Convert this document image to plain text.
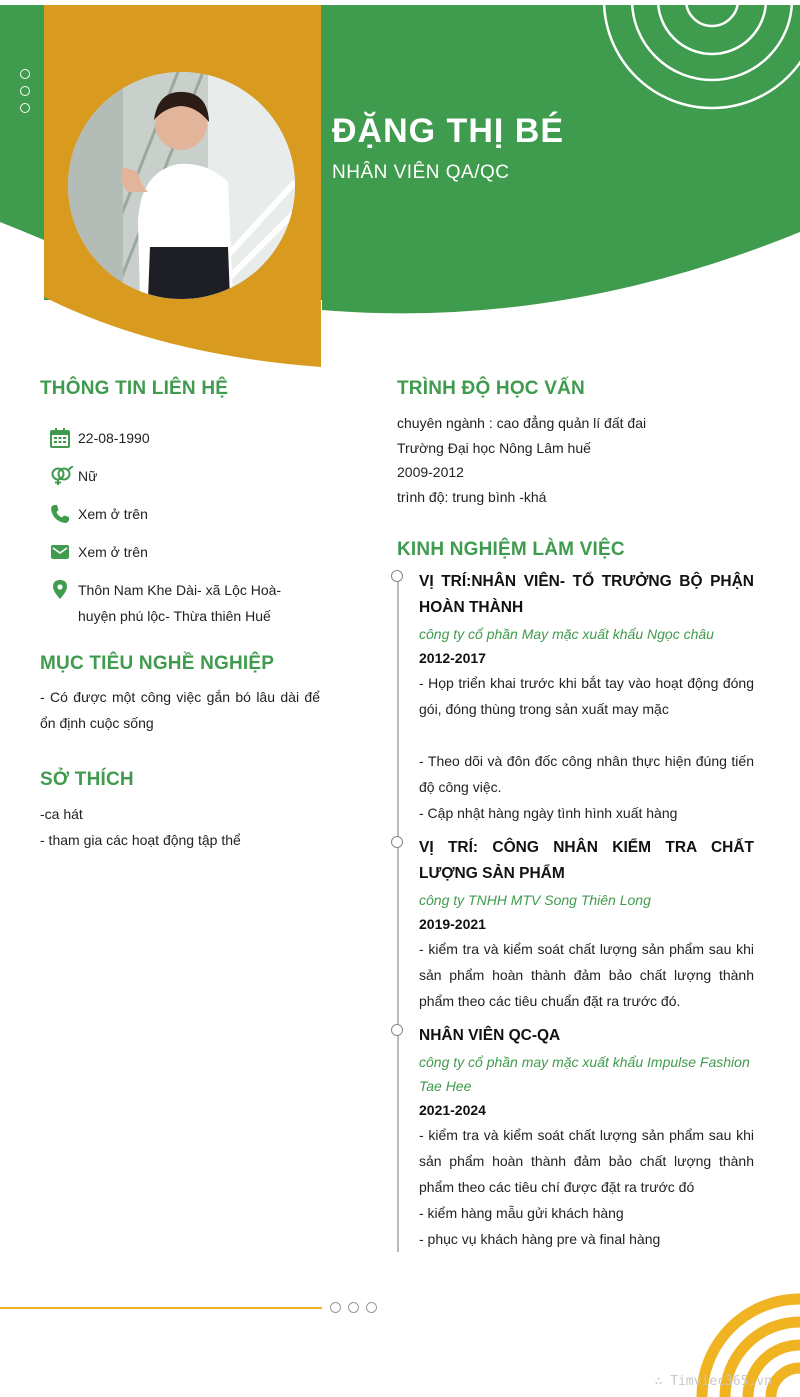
ĐẶNG THỊ BÉ
NHÂN VIÊN QA/QC
THÔNG TIN LIÊN HỆ
22-08-1990
Nữ
Xem ở trên
Xem ở trên
Thôn Nam Khe Dài- xã Lộc Hoà- huyện phú lộc- Thừa thiên Huế
MỤC TIÊU NGHỀ NGHIỆP
- Có được một công việc gắn bó lâu dài để ổn định cuộc sống
SỞ THÍCH
-ca hát
- tham gia các hoạt động tập thể
TRÌNH ĐỘ HỌC VẤN
chuyên ngành : cao đẳng quản lí đất đai
Trường Đại học Nông Lâm huế
2009-2012
trình độ: trung bình -khá
KINH NGHIỆM LÀM VIỆC
VỊ TRÍ:NHÂN VIÊN- TỔ TRƯỞNG BỘ PHẬN HOÀN THÀNH
công ty cổ phần May mặc xuất khẩu Ngọc châu
2012-2017
- Họp triển khai trước khi bắt tay vào hoạt động đóng gói, đóng thùng trong sản xuất may mặc
- Theo dõi và đôn đốc công nhân thực hiện đúng tiến độ công việc.
- Cập nhật hàng ngày tình hình xuất hàng
VỊ TRÍ: CÔNG NHÂN KIỂM TRA CHẤT LƯỢNG SẢN PHẨM
công ty TNHH MTV Song Thiên Long
2019-2021
- kiểm tra và kiểm soát chất lượng sản phẩm sau khi sản phẩm hoàn thành đảm bảo chất lượng thành phẩm theo các tiêu chuẩn đặt ra trước đó.
NHÂN VIÊN QC-QA
công ty cổ phần may mặc xuất khẩu Impulse Fashion Tae Hee
2021-2024
- kiểm tra và kiểm soát chất lượng sản phẩm sau khi sản phẩm hoàn thành đảm bảo chất lượng thành phẩm theo các tiêu chí được đặt ra trước đó
- kiểm hàng mẫu gửi khách hàng
- phục vụ khách hàng pre và final hàng
∴ Timviec365.vn
